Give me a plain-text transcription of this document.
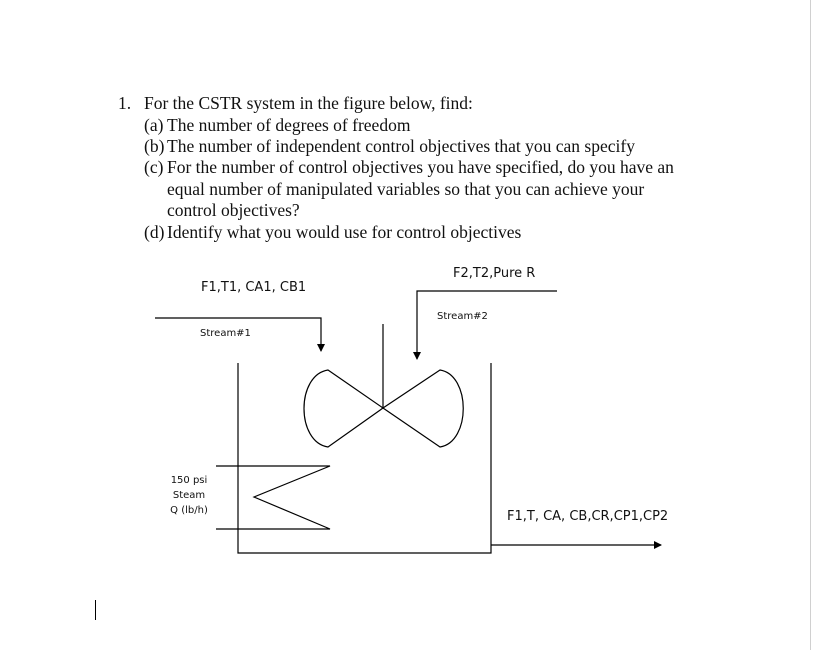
1. For the CSTR system in the figure below, find:
(a) The number of degrees of freedom
(b) The number of independent control objectives that you can specify
(c) For the number of control objectives you have specified, do you have an
equal number of manipulated variables so that you can achieve your
control objectives?
(d) Identify what you would use for control objectives
F1,T1, CA1, CB1
Stream#1
F2,T2,Pure R
Stream#2
150 psi
Steam
Q (lb/h)	F1,T, CA, CB,CR,CP1,CP2
